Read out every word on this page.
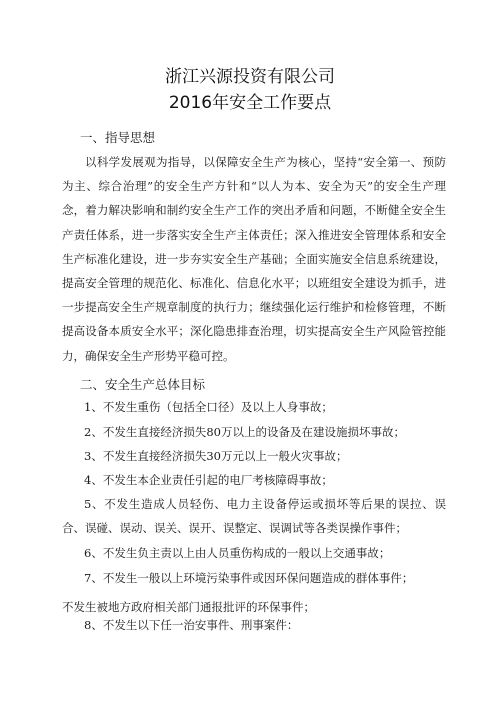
浙江兴源投资有限公司
2016年安全工作要点
一、指导思想

以科学发展观为指导，以保障安全生产为核心，坚持“安全第一、预防为主、综合治理”的安全生产方针和“以人为本、安全为天”的安全生产理念，着力解决影响和制约安全生产工作的突出矛盾和问题，不断健全安全生产责任体系，进一步落实安全生产主体责任；深入推进安全管理体系和安全生产标准化建设，进一步夯实安全生产基础；全面实施安全信息系统建设，提高安全管理的规范化、标准化、信息化水平；以班组安全建设为抓手，进一步提高安全生产规章制度的执行力；继续强化运行维护和检修管理，不断提高设备本质安全水平；深化隐患排查治理，切实提高安全生产风险管控能力，确保安全生产形势平稳可控。

二、安全生产总体目标
1、不发生重伤（包括全口径）及以上人身事故；
2、不发生直接经济损失80万以上的设备及在建设施损坏事故；
3、不发生直接经济损失30万元以上一般火灾事故；
4、不发生本企业责任引起的电厂考核障碍事故；

5、不发生造成人员轻伤、电力主设备停运或损坏等后果的误拉、误合、误碰、误动、误关、误开、误整定、误调试等各类误操作事件；

6、不发生负主责以上由人员重伤构成的一般以上交通事故；
7、不发生一般以上环境污染事件或因环保问题造成的群体事件；
不发生被地方政府相关部门通报批评的环保事件；
8、不发生以下任一治安事件、刑事案件：
